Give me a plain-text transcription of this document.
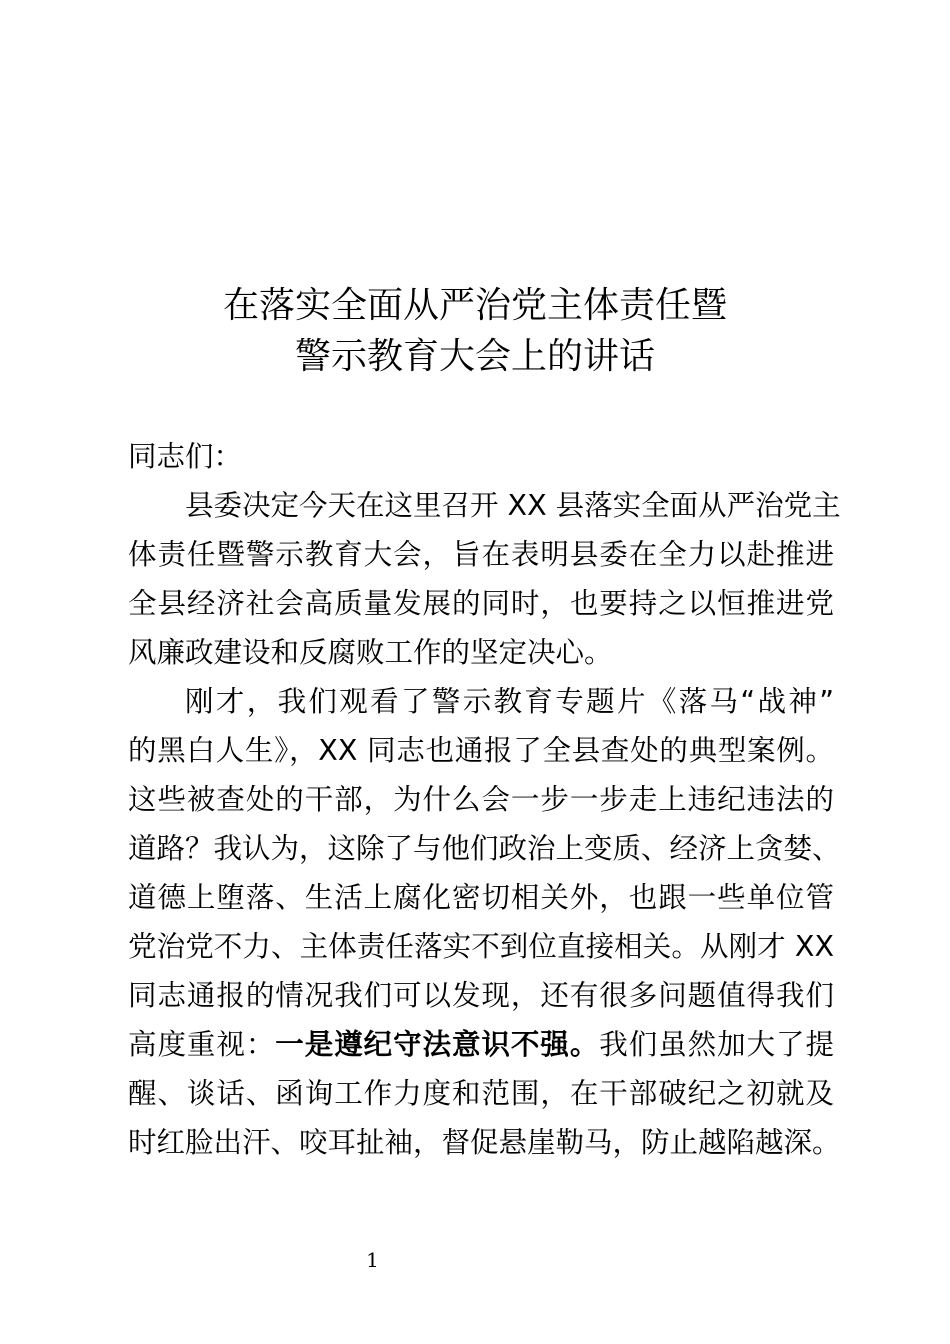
在落实全面从严治党主体责任暨
警示教育大会上的讲话
同志们：
县委决定今天在这里召开 XX 县落实全面从严治党主
体责任暨警示教育大会，旨在表明县委在全力以赴推进
全县经济社会高质量发展的同时，也要持之以恒推进党
风廉政建设和反腐败工作的坚定决心。
刚才，我们观看了警示教育专题片《落马“战神”
的黑白人生》，XX 同志也通报了全县查处的典型案例。
这些被查处的干部，为什么会一步一步走上违纪违法的
道路？我认为，这除了与他们政治上变质、经济上贪婪、
道德上堕落、生活上腐化密切相关外，也跟一些单位管
党治党不力、主体责任落实不到位直接相关。从刚才 XX
同志通报的情况我们可以发现，还有很多问题值得我们
高度重视：一是遵纪守法意识不强。我们虽然加大了提
醒、谈话、函询工作力度和范围，在干部破纪之初就及
时红脸出汗、咬耳扯袖，督促悬崖勒马，防止越陷越深。
1
